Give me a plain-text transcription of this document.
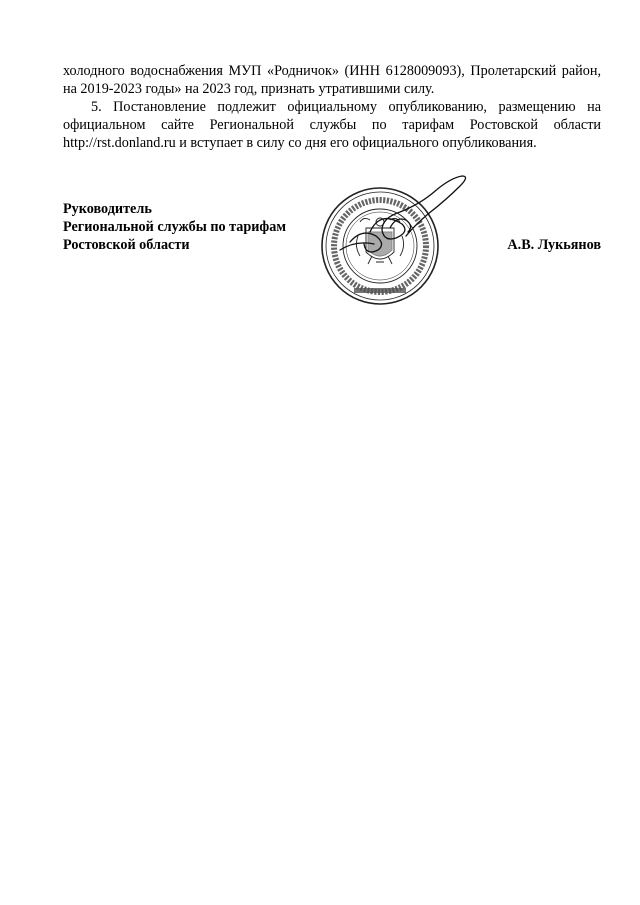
холодного водоснабжения МУП «Родничок» (ИНН 6128009093), Пролетарский район, на 2019-2023 годы» на 2023 год, признать утратившими силу.

5. Постановление подлежит официальному опубликованию, размещению на официальном сайте Региональной службы по тарифам Ростовской области http://rst.donland.ru и вступает в силу со дня его официального опубликования.

Руководитель
Региональной службы по тарифам
Ростовской области	А.В. Лукьянов
